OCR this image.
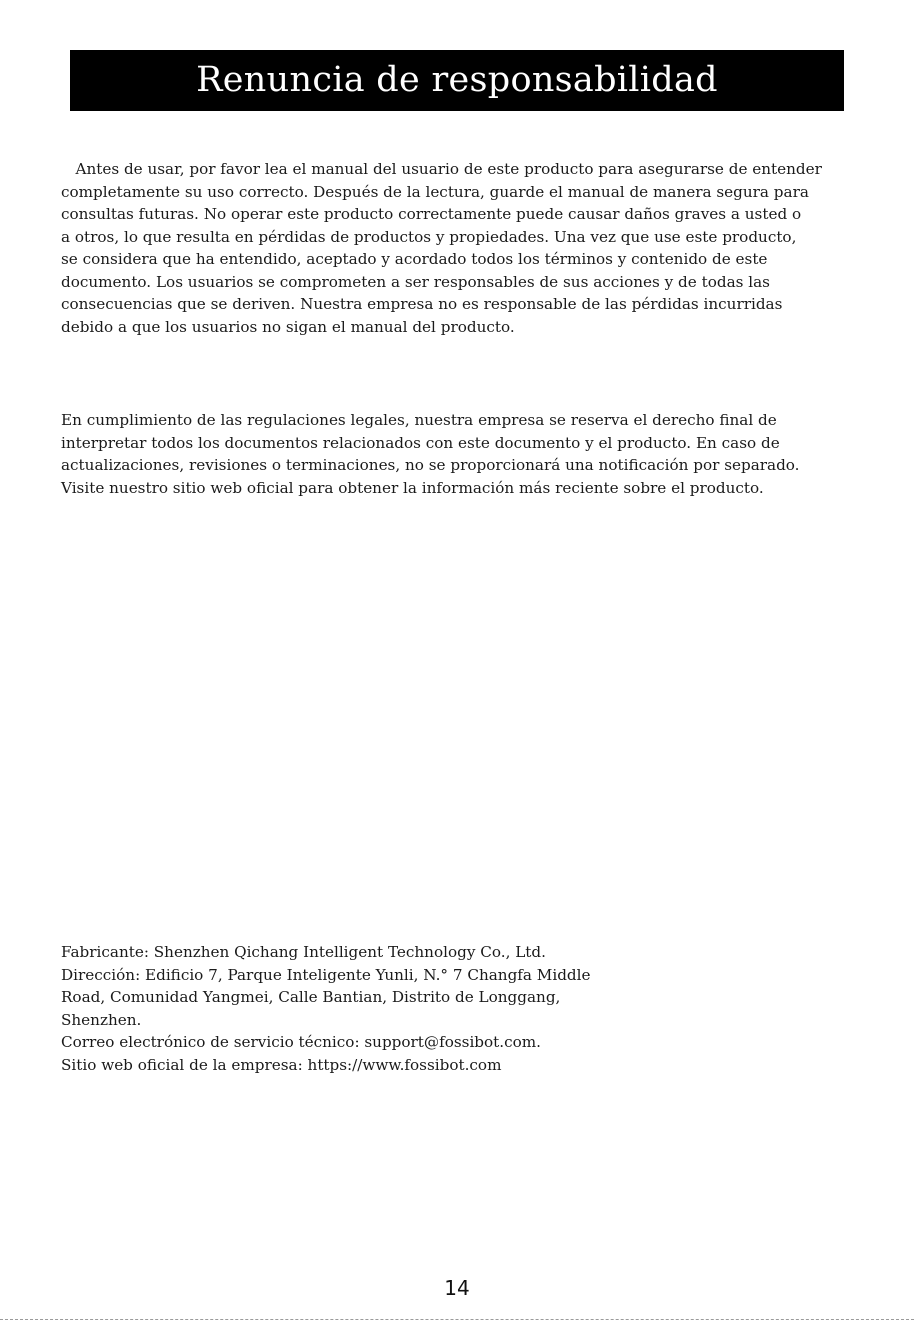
Renuncia de responsabilidad

Antes de usar, por favor lea el manual del usuario de este producto para asegurarse de entender
completamente su uso correcto. Después de la lectura, guarde el manual de manera segura para
consultas futuras. No operar este producto correctamente puede causar daños graves a usted o
a otros, lo que resulta en pérdidas de productos y propiedades. Una vez que use este producto,
se considera que ha entendido, aceptado y acordado todos los términos y contenido de este
documento. Los usuarios se comprometen a ser responsables de sus acciones y de todas las
consecuencias que se deriven. Nuestra empresa no es responsable de las pérdidas incurridas
debido a que los usuarios no sigan el manual del producto.

En cumplimiento de las regulaciones legales, nuestra empresa se reserva el derecho final de
interpretar todos los documentos relacionados con este documento y el producto. En caso de
actualizaciones, revisiones o terminaciones, no se proporcionará una notificación por separado.
Visite nuestro sitio web oficial para obtener la información más reciente sobre el producto.

Fabricante: Shenzhen Qichang Intelligent Technology Co., Ltd.
Dirección: Edificio 7, Parque Inteligente Yunli, N.° 7 Changfa Middle
Road, Comunidad Yangmei, Calle Bantian, Distrito de Longgang,
Shenzhen.
Correo electrónico de servicio técnico: support@fossibot.com.
Sitio web oficial de la empresa: https://www.fossibot.com

14
